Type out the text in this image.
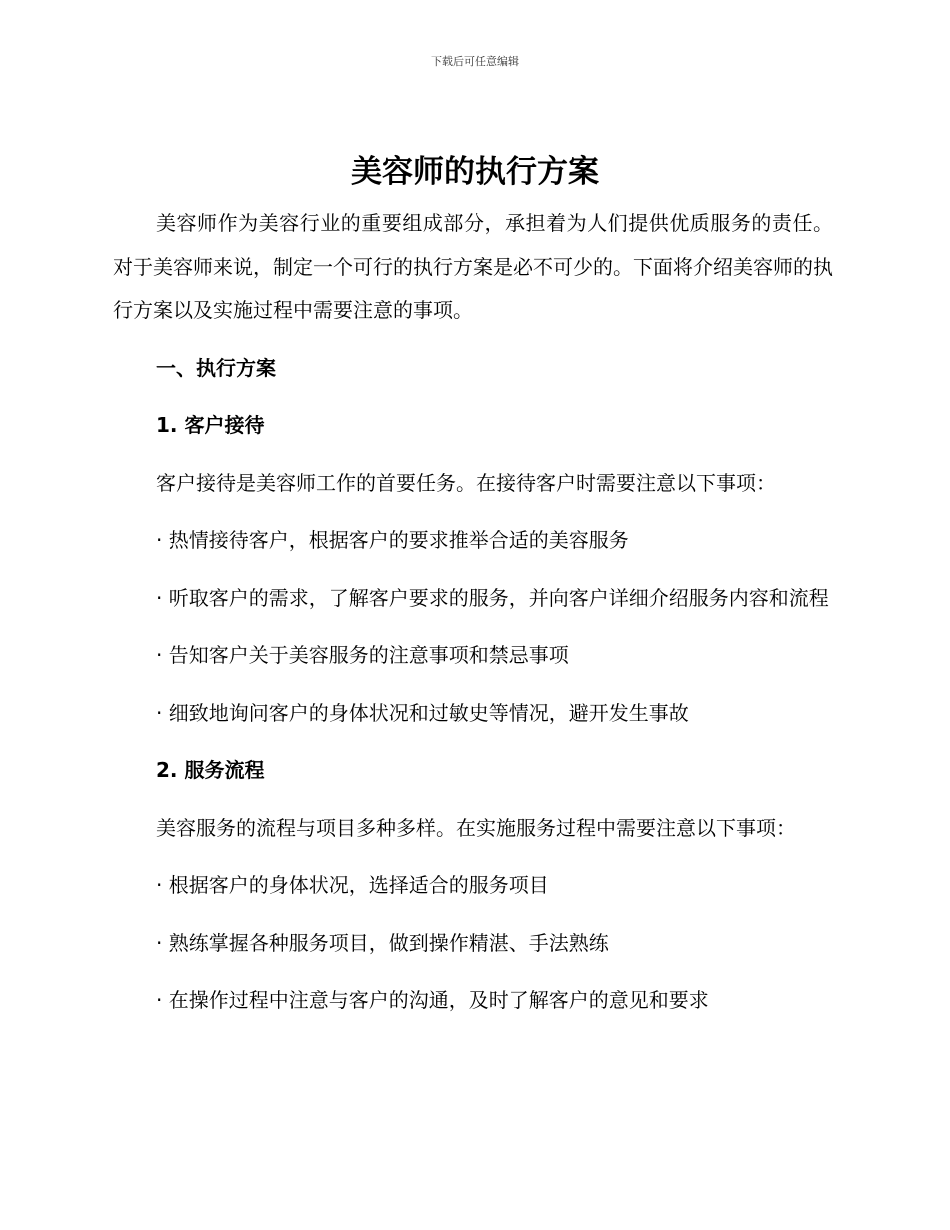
下载后可任意编辑
美容师的执行方案

美容师作为美容行业的重要组成部分，承担着为人们提供优质服务的责任。对于美容师来说，制定一个可行的执行方案是必不可少的。下面将介绍美容师的执行方案以及实施过程中需要注意的事项。

一、执行方案

1. 客户接待

客户接待是美容师工作的首要任务。在接待客户时需要注意以下事项：

· 热情接待客户，根据客户的要求推举合适的美容服务

· 听取客户的需求，了解客户要求的服务，并向客户详细介绍服务内容和流程

· 告知客户关于美容服务的注意事项和禁忌事项

· 细致地询问客户的身体状况和过敏史等情况，避开发生事故

2. 服务流程

美容服务的流程与项目多种多样。在实施服务过程中需要注意以下事项：

· 根据客户的身体状况，选择适合的服务项目

· 熟练掌握各种服务项目，做到操作精湛、手法熟练

· 在操作过程中注意与客户的沟通，及时了解客户的意见和要求
